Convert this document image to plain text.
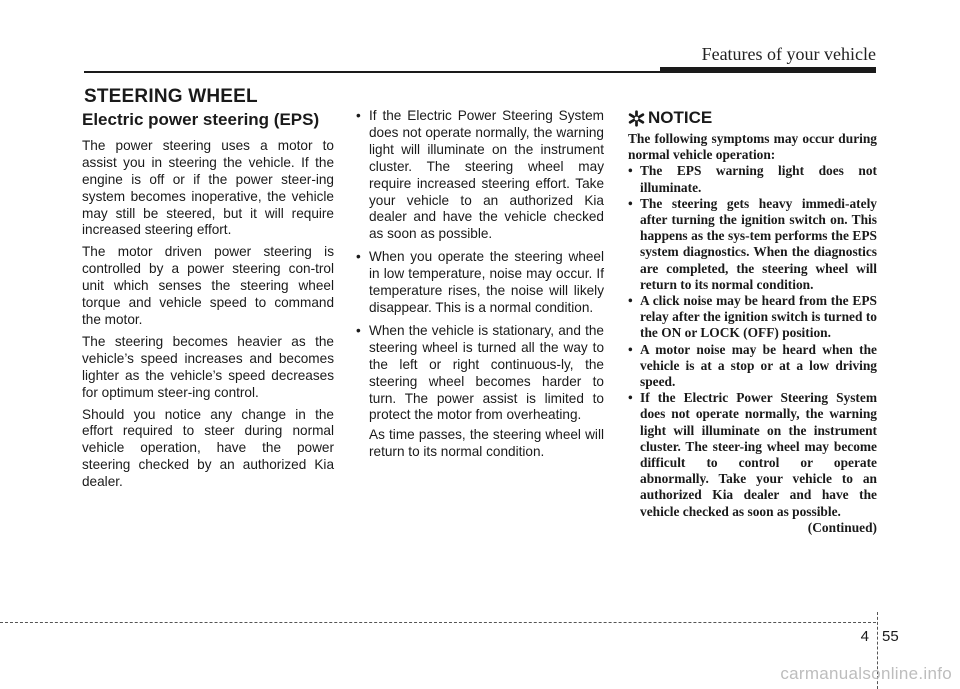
Features of your vehicle
STEERING WHEEL
Electric power steering (EPS)

The power steering uses a motor to assist you in steering the vehicle. If the engine is off or if the power steer-ing system becomes inoperative, the vehicle may still be steered, but it will require increased steering effort.

The motor driven power steering is controlled by a power steering con-trol unit which senses the steering wheel torque and vehicle speed to command the motor.

The steering becomes heavier as the vehicle’s speed increases and becomes lighter as the vehicle’s speed decreases for optimum steer-ing control.

Should you notice any change in the effort required to steer during normal vehicle operation, have the power steering checked by an authorized Kia dealer.

• If the Electric Power Steering System does not operate normally, the warning light will illuminate on the instrument cluster. The steering wheel may require increased steering effort. Take your vehicle to an authorized Kia dealer and have the vehicle checked as soon as possible.
• When you operate the steering wheel in low temperature, noise may occur. If temperature rises, the noise will likely disappear. This is a normal condition.
• When the vehicle is stationary, and the steering wheel is turned all the way to the left or right continuous-ly, the steering wheel becomes harder to turn. The power assist is limited to protect the motor from overheating.

As time passes, the steering wheel will return to its normal condition.

NOTICE

The following symptoms may occur during normal vehicle operation:

• The EPS warning light does not illuminate.
• The steering gets heavy immedi-ately after turning the ignition switch on. This happens as the sys-tem performs the EPS system diagnostics. When the diagnostics are completed, the steering wheel will return to its normal condition.
• A click noise may be heard from the EPS relay after the ignition switch is turned to the ON or LOCK (OFF) position.
• A motor noise may be heard when the vehicle is at a stop or at a low driving speed.
• If the Electric Power Steering System does not operate normally, the warning light will illuminate on the instrument cluster. The steer-ing wheel may become difficult to control or operate abnormally. Take your vehicle to an authorized Kia dealer and have the vehicle checked as soon as possible.

(Continued)

4 55
carmanualsonline.info
